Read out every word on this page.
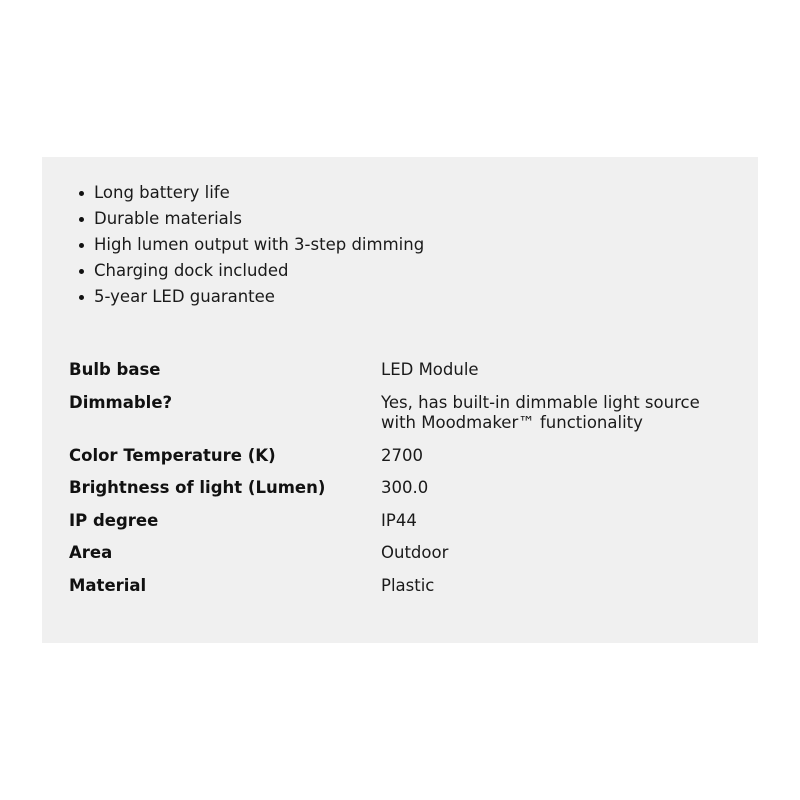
Long battery life
Durable materials
High lumen output with 3-step dimming
Charging dock included
5-year LED guarantee
Bulb base	LED Module
Dimmable?	Yes, has built-in dimmable light source with Moodmaker™ functionality
Color Temperature (K)	2700
Brightness of light (Lumen)	300.0
IP degree	IP44
Area	Outdoor
Material	Plastic
